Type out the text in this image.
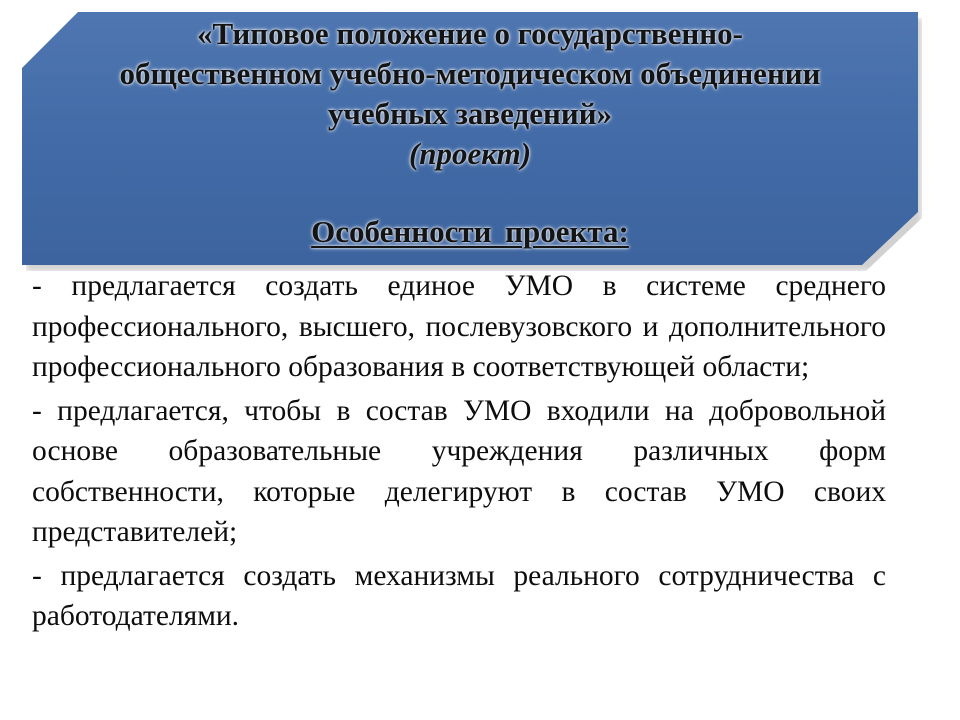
«Типовое положение о государственно-
общественном учебно-методическом объединении
учебных заведений»
(проект)
Особенности проекта:

- предлагается создать единое УМО в системе среднего профессионального, высшего, послевузовского и дополнительного профессионального образования в соответствующей области;

- предлагается, чтобы в состав УМО входили на добровольной основе образовательные учреждения различных форм собственности, которые делегируют в состав УМО своих представителей;

- предлагается создать механизмы реального сотрудничества с работодателями.
